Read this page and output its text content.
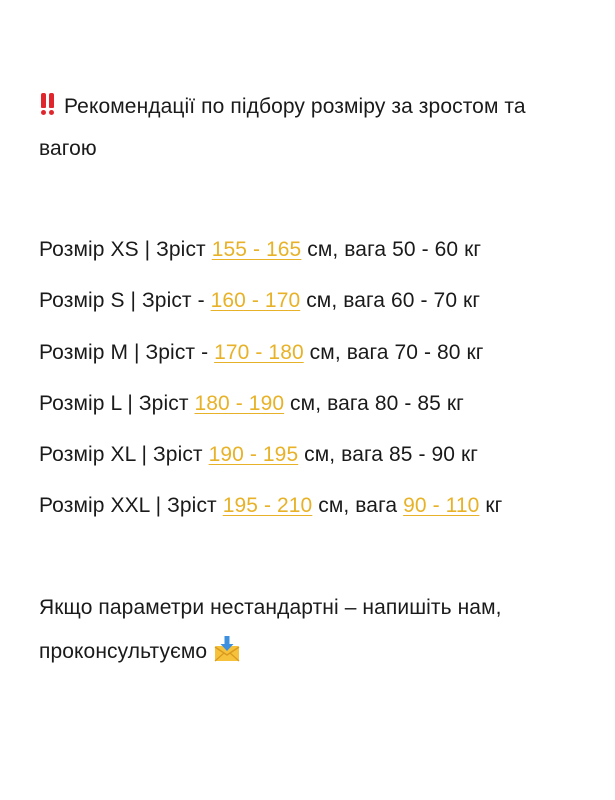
Рекомендації по підбору розміру за зростом та
вагою
Розмір XS | Зріст 155 - 165 см, вага 50 - 60 кг
Розмір S | Зріст - 160 - 170 см, вага 60 - 70 кг
Розмір M | Зріст - 170 - 180 см, вага 70 - 80 кг
Розмір L | Зріст 180 - 190 см, вага 80 - 85 кг
Розмір XL | Зріст 190 - 195 см, вага 85 - 90 кг
Розмір XXL | Зріст 195 - 210 см, вага 90 - 110 кг
Якщо параметри нестандартні – напишіть нам,
проконсультуємо
